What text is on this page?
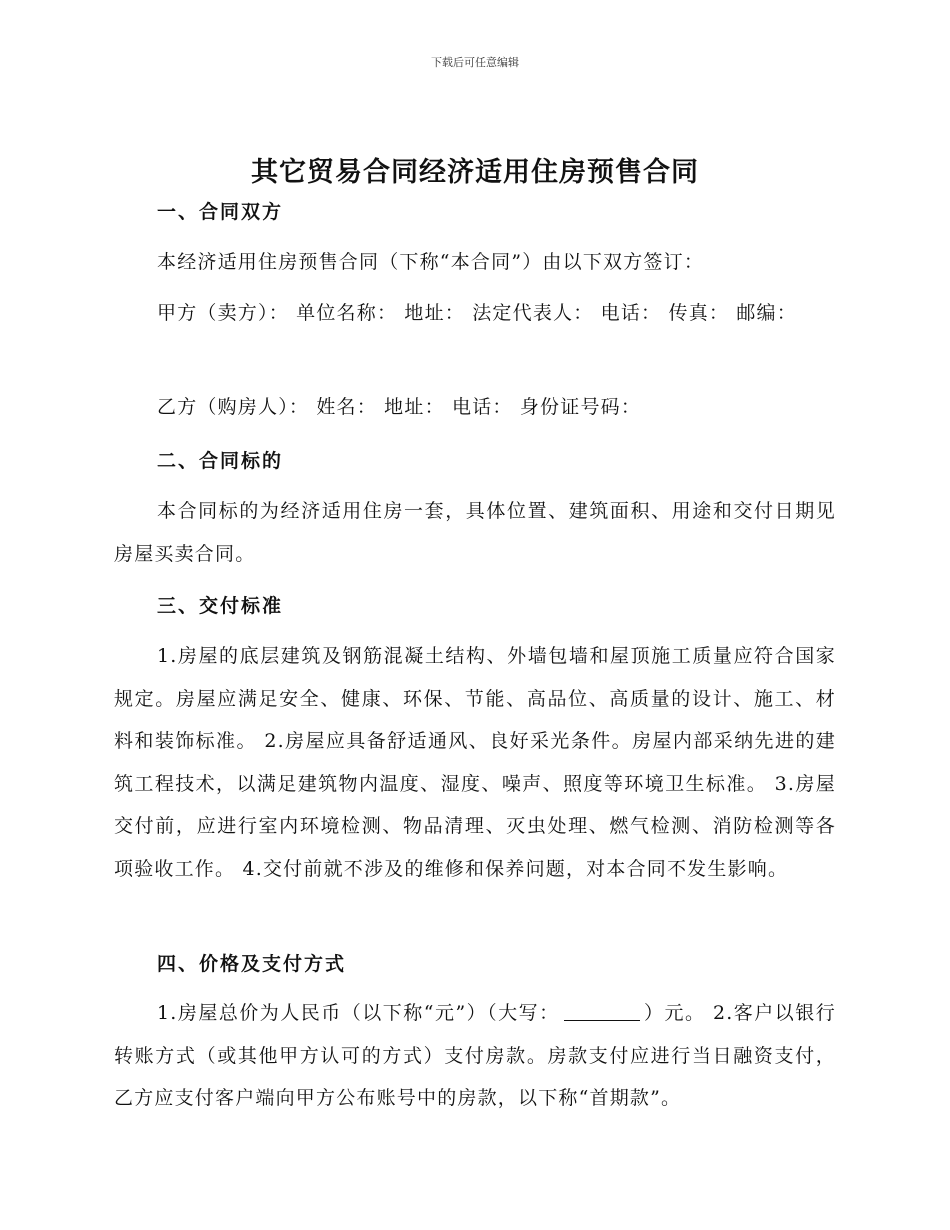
下载后可任意编辑
其它贸易合同经济适用住房预售合同
一、合同双方

本经济适用住房预售合同（下称“本合同”）由以下双方签订：

甲方（卖方）： 单位名称： 地址： 法定代表人： 电话： 传真： 邮编：

乙方（购房人）： 姓名： 地址： 电话： 身份证号码：

二、合同标的

本合同标的为经济适用住房一套，具体位置、建筑面积、用途和交付日期见房屋买卖合同。

三、交付标准

1.房屋的底层建筑及钢筋混凝土结构、外墙包墙和屋顶施工质量应符合国家规定。房屋应满足安全、健康、环保、节能、高品位、高质量的设计、施工、材料和装饰标准。 2.房屋应具备舒适通风、良好采光条件。房屋内部采纳先进的建筑工程技术，以满足建筑物内温度、湿度、噪声、照度等环境卫生标准。 3.房屋交付前，应进行室内环境检测、物品清理、灭虫处理、燃气检测、消防检测等各项验收工作。 4.交付前就不涉及的维修和保养问题，对本合同不发生影响。

四、价格及支付方式

1.房屋总价为人民币（以下称“元”）（大写：	）元。 2.客户以银行转账方式（或其他甲方认可的方式）支付房款。房款支付应进行当日融资支付，乙方应支付客户端向甲方公布账号中的房款，以下称“首期款”。
